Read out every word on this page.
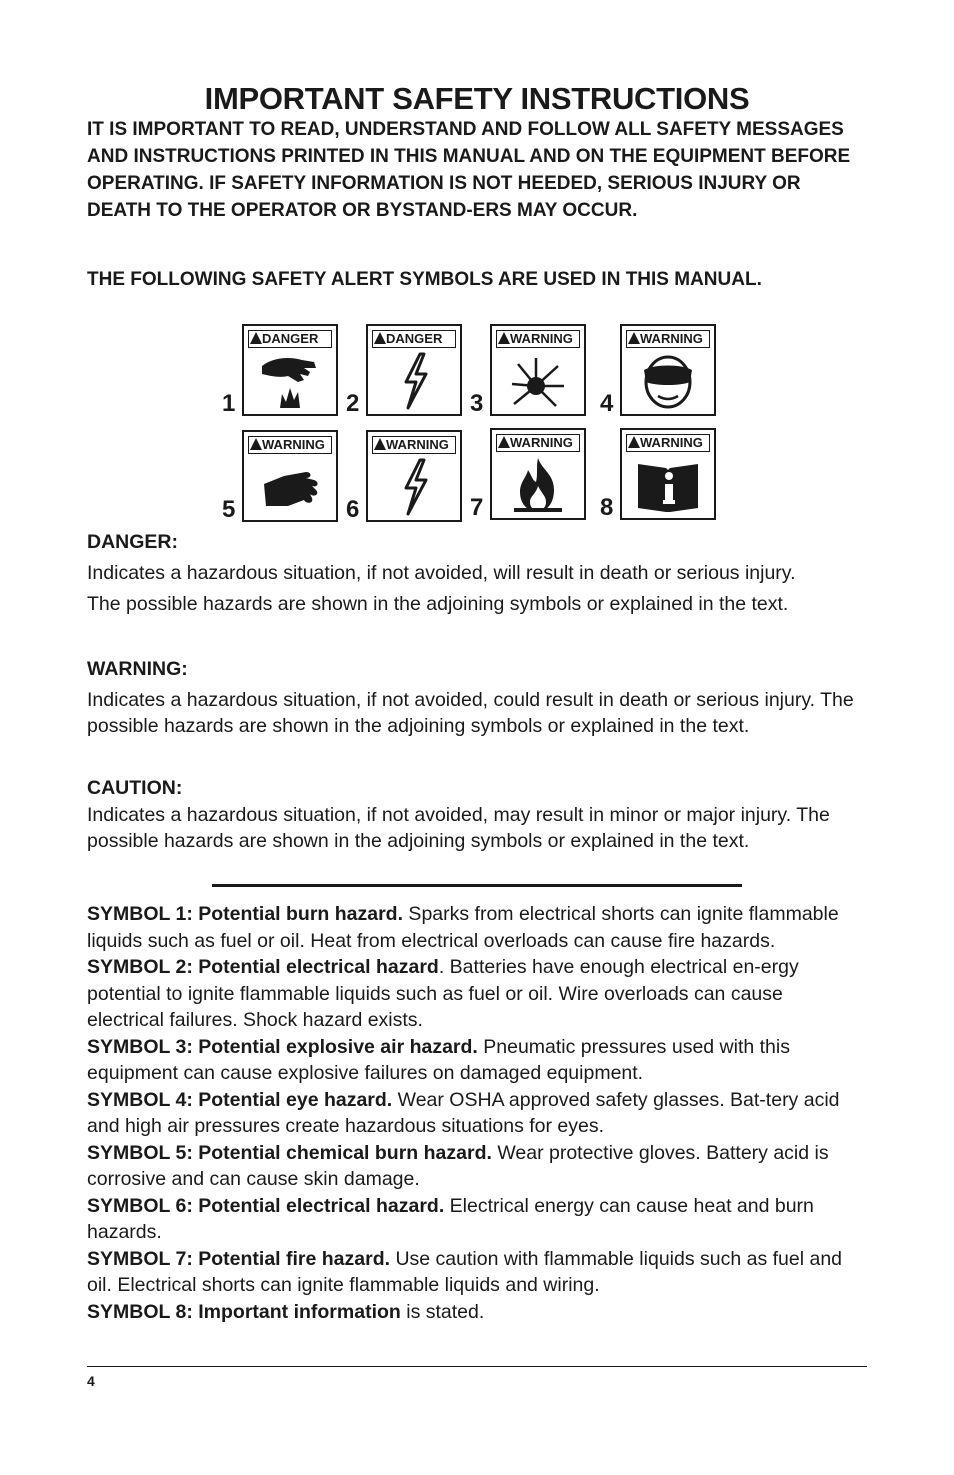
IMPORTANT SAFETY INSTRUCTIONS
IT IS IMPORTANT TO READ, UNDERSTAND AND FOLLOW ALL SAFETY MESSAGES AND INSTRUCTIONS PRINTED IN THIS MANUAL AND ON THE EQUIPMENT BEFORE OPERATING. IF SAFETY INFORMATION IS NOT HEEDED, SERIOUS INJURY OR DEATH TO THE OPERATOR OR BYSTAND-ERS MAY OCCUR.
THE FOLLOWING SAFETY ALERT SYMBOLS ARE USED IN THIS MANUAL.
DANGER
1
DANGER
2
WARNING
3
WARNING
4
WARNING
5
WARNING
6
WARNING
7
WARNING
8
DANGER:
Indicates a hazardous situation, if not avoided, will result in death or serious injury. The possible hazards are shown in the adjoining symbols or explained in the text.
WARNING:
Indicates a hazardous situation, if not avoided, could result in death or serious injury. The possible hazards are shown in the adjoining symbols or explained in the text.
CAUTION:
Indicates a hazardous situation, if not avoided, may result in minor or major injury. The possible hazards are shown in the adjoining symbols or explained in the text.

SYMBOL 1: Potential burn hazard. Sparks from electrical shorts can ignite flammable liquids such as fuel or oil. Heat from electrical overloads can cause fire hazards.

SYMBOL 2: Potential electrical hazard. Batteries have enough electrical en-ergy potential to ignite flammable liquids such as fuel or oil. Wire overloads can cause electrical failures. Shock hazard exists.

SYMBOL 3: Potential explosive air hazard. Pneumatic pressures used with this equipment can cause explosive failures on damaged equipment.

SYMBOL 4: Potential eye hazard. Wear OSHA approved safety glasses. Bat-tery acid and high air pressures create hazardous situations for eyes.

SYMBOL 5: Potential chemical burn hazard. Wear protective gloves. Battery acid is corrosive and can cause skin damage.

SYMBOL 6: Potential electrical hazard. Electrical energy can cause heat and burn hazards.

SYMBOL 7: Potential fire hazard. Use caution with flammable liquids such as fuel and oil. Electrical shorts can ignite flammable liquids and wiring.

SYMBOL 8: Important information is stated.

4
